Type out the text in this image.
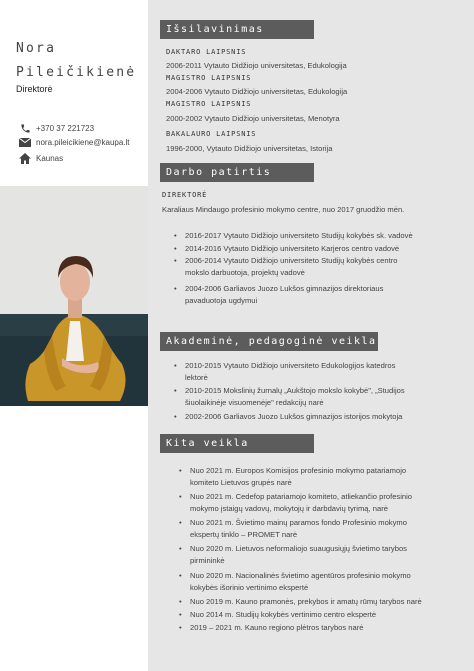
Nora
Pileičikienė
Direktorė
+370 37 221723
nora.pileicikiene@kaupa.lt
Kaunas
Išsilavinimas
DAKTARO LAIPSNIS
2006-2011 Vytauto Didžiojo universitetas, Edukologija
MAGISTRO LAIPSNIS
2004-2006 Vytauto Didžiojo universitetas, Edukologija
MAGISTRO LAIPSNIS
2000-2002 Vytauto Didžiojo universitetas, Menotyra
BAKALAURO LAIPSNIS
1996-2000, Vytauto Didžiojo universitetas, Istorija
Darbo patirtis
DIREKTORĖ
Karaliaus Mindaugo profesinio mokymo centre, nuo 2017 gruodžio mėn.
• 2016-2017 Vytauto Didžiojo universiteto Studijų kokybės sk. vadovė
• 2014-2016 Vytauto Didžiojo universiteto Karjeros centro vadovė
• 2006-2014 Vytauto Didžiojo universiteto Studijų kokybės centro
mokslo darbuotoja, projektų vadovė
• 2004-2006 Garliavos Juozo Lukšos gimnazijos direktoriaus
pavaduotoja ugdymui
Akademinė, pedagoginė veikla
• 2010-2015 Vytauto Didžiojo universiteto Edukologijos katedros
lektorė
• 2010-2015 Mokslinių žurnalų „Aukštojo mokslo kokybė", „Studijos
šiuolaikinėje visuomenėje" redakcijų narė
• 2002-2006 Garliavos Juozo Lukšos gimnazijos istorijos mokytoja
Kita veikla
• Nuo 2021 m. Europos Komisijos profesinio mokymo patariamojo
komiteto Lietuvos grupės narė
• Nuo 2021 m. Cedefop patariamojo komiteto, atliekančio profesinio
mokymo įstaigų vadovų, mokytojų ir darbdavių tyrimą, narė
• Nuo 2021 m. Švietimo mainų paramos fondo Profesinio mokymo
ekspertų tinklo – PROMET narė
• Nuo 2020 m. Lietuvos neformaliojo suaugusiųjų švietimo tarybos
pirmininkė
• Nuo 2020 m. Nacionalinės švietimo agentūros profesinio mokymo
kokybės išorinio vertinimo ekspertė
• Nuo 2019 m. Kauno pramonės, prekybos ir amatų rūmų tarybos narė
• Nuo 2014 m. Studijų kokybės vertinimo centro ekspertė
• 2019 – 2021 m. Kauno regiono plėtros tarybos narė
